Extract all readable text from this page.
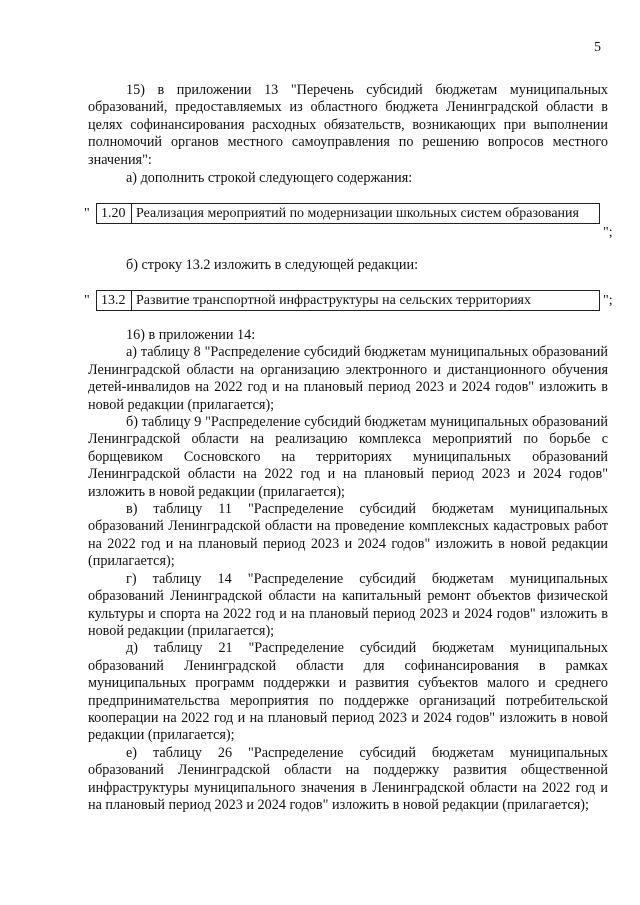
5

15) в приложении 13 "Перечень субсидий бюджетам муниципальных образований, предоставляемых из областного бюджета Ленинградской области в целях софинансирования расходных обязательств, возникающих при выполнении полномочий органов местного самоуправления по решению вопросов местного значения":

а) дополнить строкой следующего содержания:

" 1.20	Реализация мероприятий по модернизации школьных систем образования
";

б) строку 13.2 изложить в следующей редакции:

" 13.2	Развитие транспортной инфраструктуры на сельских территориях	";

16) в приложении 14:

а) таблицу 8 "Распределение субсидий бюджетам муниципальных образований Ленинградской области на организацию электронного и дистанционного обучения детей-инвалидов на 2022 год и на плановый период 2023 и 2024 годов" изложить в новой редакции (прилагается);

б) таблицу 9 "Распределение субсидий бюджетам муниципальных образований Ленинградской области на реализацию комплекса мероприятий по борьбе с борщевиком Сосновского на территориях муниципальных образований Ленинградской области на 2022 год и на плановый период 2023 и 2024 годов" изложить в новой редакции (прилагается);

в) таблицу 11 "Распределение субсидий бюджетам муниципальных образований Ленинградской области на проведение комплексных кадастровых работ на 2022 год и на плановый период 2023 и 2024 годов" изложить в новой редакции (прилагается);

г) таблицу 14 "Распределение субсидий бюджетам муниципальных образований Ленинградской области на капитальный ремонт объектов физической культуры и спорта на 2022 год и на плановый период 2023 и 2024 годов" изложить в новой редакции (прилагается);

д) таблицу 21 "Распределение субсидий бюджетам муниципальных образований Ленинградской области для софинансирования в рамках муниципальных программ поддержки и развития субъектов малого и среднего предпринимательства мероприятия по поддержке организаций потребительской кооперации на 2022 год и на плановый период 2023 и 2024 годов" изложить в новой редакции (прилагается);

е) таблицу 26 "Распределение субсидий бюджетам муниципальных образований Ленинградской области на поддержку развития общественной инфраструктуры муниципального значения в Ленинградской области на 2022 год и на плановый период 2023 и 2024 годов" изложить в новой редакции (прилагается);
